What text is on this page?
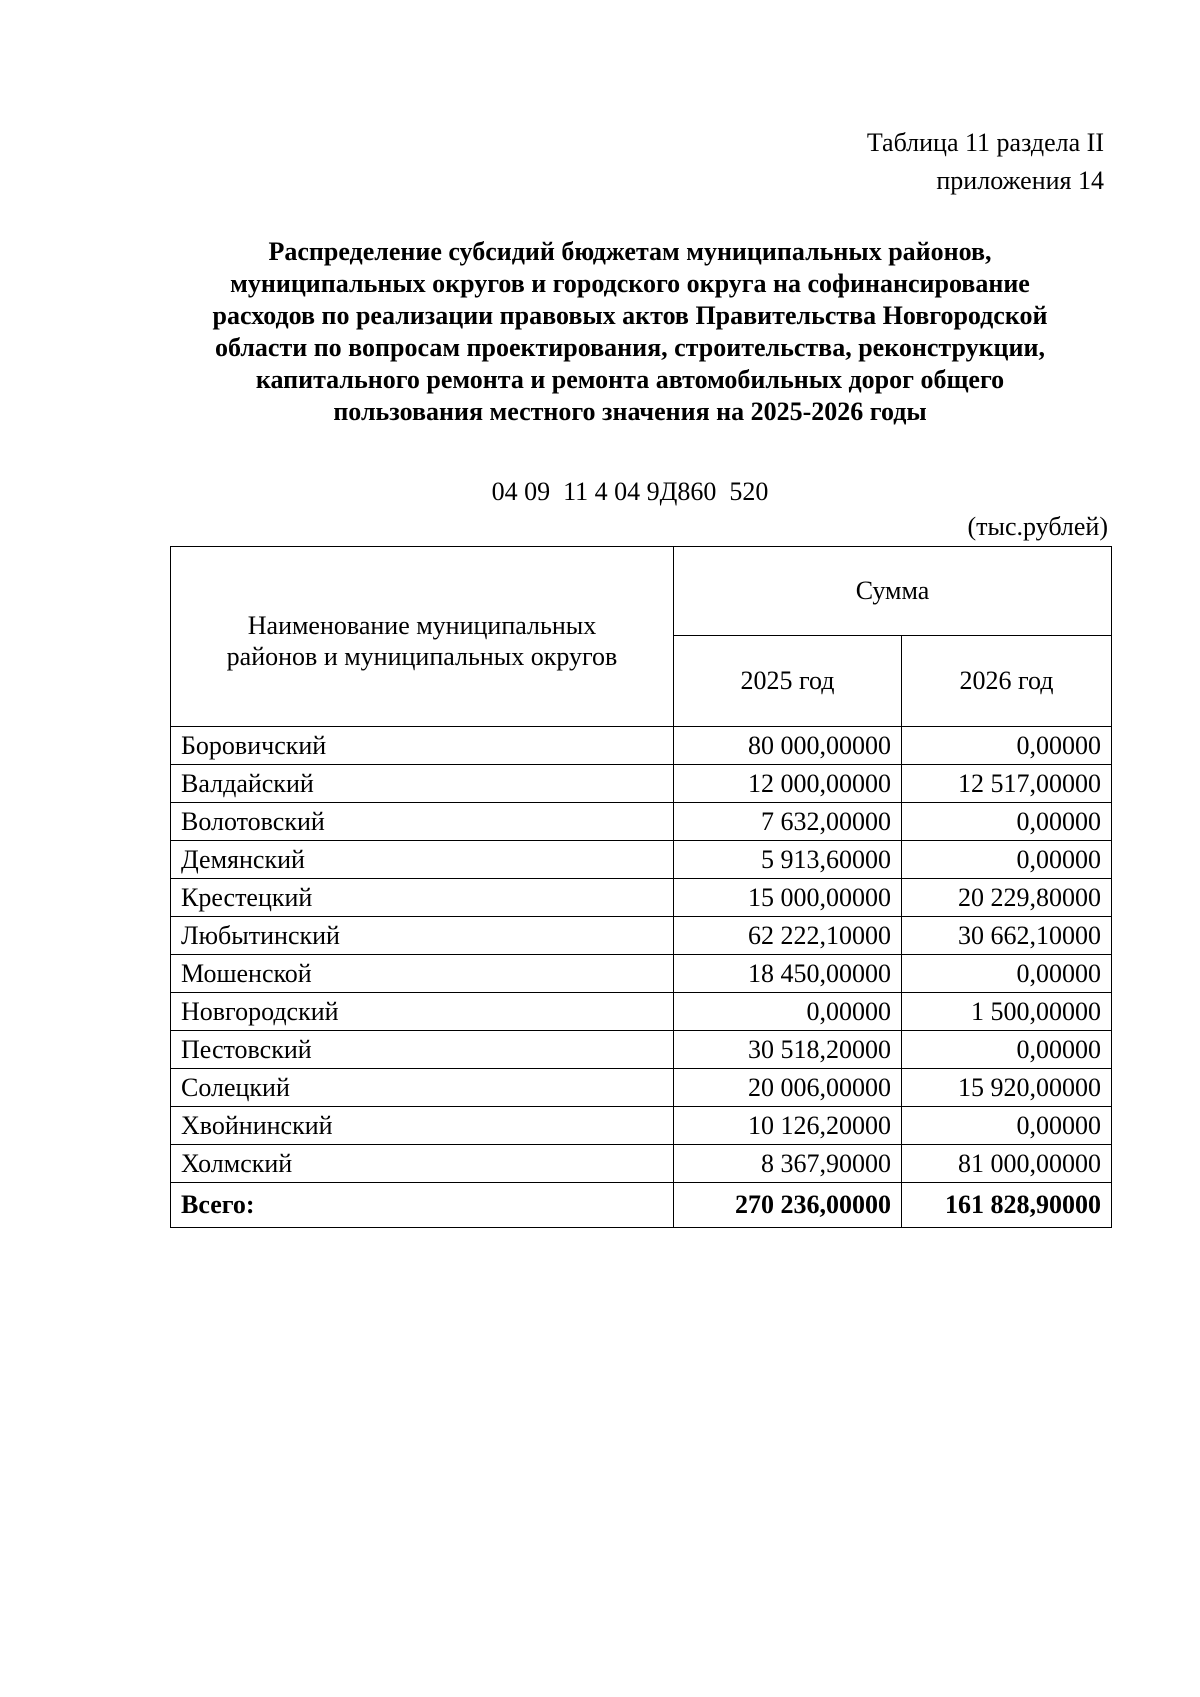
Таблица 11 раздела II
приложения 14
Распределение субсидий бюджетам муниципальных районов,
муниципальных округов и городского округа на софинансирование
расходов по реализации правовых актов Правительства Новгородской
области по вопросам проектирования, строительства, реконструкции,
капитального ремонта и ремонта автомобильных дорог общего
пользования местного значения на 2025-2026 годы
04 09  11 4 04 9Д860  520
(тыс.рублей)
Наименование муниципальных
районов и муниципальных округов	Сумма	
	2025 год	2026 год
Боровичский	80 000,00000	0,00000
Валдайский	12 000,00000	12 517,00000
Волотовский	7 632,00000	0,00000
Демянский	5 913,60000	0,00000
Крестецкий	15 000,00000	20 229,80000
Любытинский	62 222,10000	30 662,10000
Мошенской	18 450,00000	0,00000
Новгородский	0,00000	1 500,00000
Пестовский	30 518,20000	0,00000
Солецкий	20 006,00000	15 920,00000
Хвойнинский	10 126,20000	0,00000
Холмский	8 367,90000	81 000,00000
Всего:	270 236,00000	161 828,90000
